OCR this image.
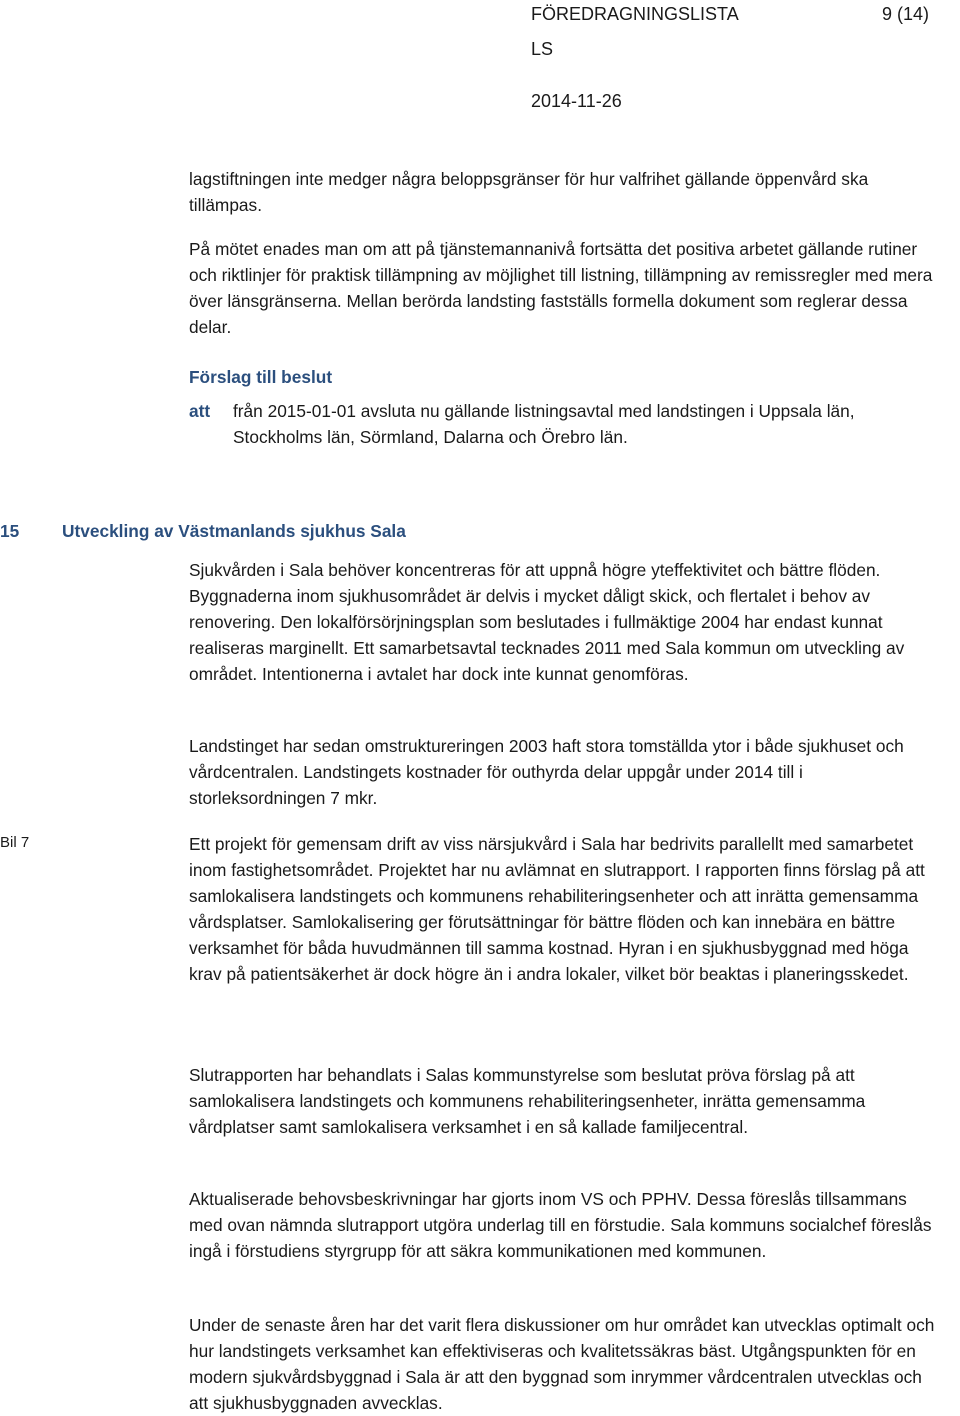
FÖREDRAGNINGSLISTA	9 (14)
LS
2014-11-26

lagstiftningen inte medger några beloppsgränser för hur valfrihet gällande öppenvård ska tillämpas.

På mötet enades man om att på tjänstemannanivå fortsätta det positiva arbetet gällande rutiner och riktlinjer för praktisk tillämpning av möjlighet till listning, tillämpning av remissregler med mera över länsgränserna. Mellan berörda landsting fastställs formella dokument som reglerar dessa delar.

Förslag till beslut
att från 2015-01-01 avsluta nu gällande listningsavtal med landstingen i Uppsala län, Stockholms län, Sörmland, Dalarna och Örebro län.
15 Utveckling av Västmanlands sjukhus Sala
Bil 7

Sjukvården i Sala behöver koncentreras för att uppnå högre yteffektivitet och bättre flöden. Byggnaderna inom sjukhusområdet är delvis i mycket dåligt skick, och flertalet i behov av renovering. Den lokalförsörjningsplan som beslutades i fullmäktige 2004 har endast kunnat realiseras marginellt. Ett samarbetsavtal tecknades 2011 med Sala kommun om utveckling av området. Intentionerna i avtalet har dock inte kunnat genomföras.

Landstinget har sedan omstruktureringen 2003 haft stora tomställda ytor i både sjukhuset och vårdcentralen. Landstingets kostnader för outhyrda delar uppgår under 2014 till i storleksordningen 7 mkr.

Ett projekt för gemensam drift av viss närsjukvård i Sala har bedrivits parallellt med samarbetet inom fastighetsområdet. Projektet har nu avlämnat en slutrapport. I rapporten finns förslag på att samlokalisera landstingets och kommunens rehabiliteringsenheter och att inrätta gemensamma vårdsplatser. Samlokalisering ger förutsättningar för bättre flöden och kan innebära en bättre verksamhet för båda huvudmännen till samma kostnad. Hyran i en sjukhusbyggnad med höga krav på patientsäkerhet är dock högre än i andra lokaler, vilket bör beaktas i planeringsskedet.

Slutrapporten har behandlats i Salas kommunstyrelse som beslutat pröva förslag på att samlokalisera landstingets och kommunens rehabiliteringsenheter, inrätta gemensamma vårdplatser samt samlokalisera verksamhet i en så kallade familjecentral.

Aktualiserade behovsbeskrivningar har gjorts inom VS och PPHV. Dessa föreslås tillsammans med ovan nämnda slutrapport utgöra underlag till en förstudie. Sala kommuns socialchef föreslås ingå i förstudiens styrgrupp för att säkra kommunikationen med kommunen.

Under de senaste åren har det varit flera diskussioner om hur området kan utvecklas optimalt och hur landstingets verksamhet kan effektiviseras och kvalitetssäkras bäst. Utgångspunkten för en modern sjukvårdsbyggnad i Sala är att den byggnad som inrymmer vårdcentralen utvecklas och att sjukhusbyggnaden avvecklas.
